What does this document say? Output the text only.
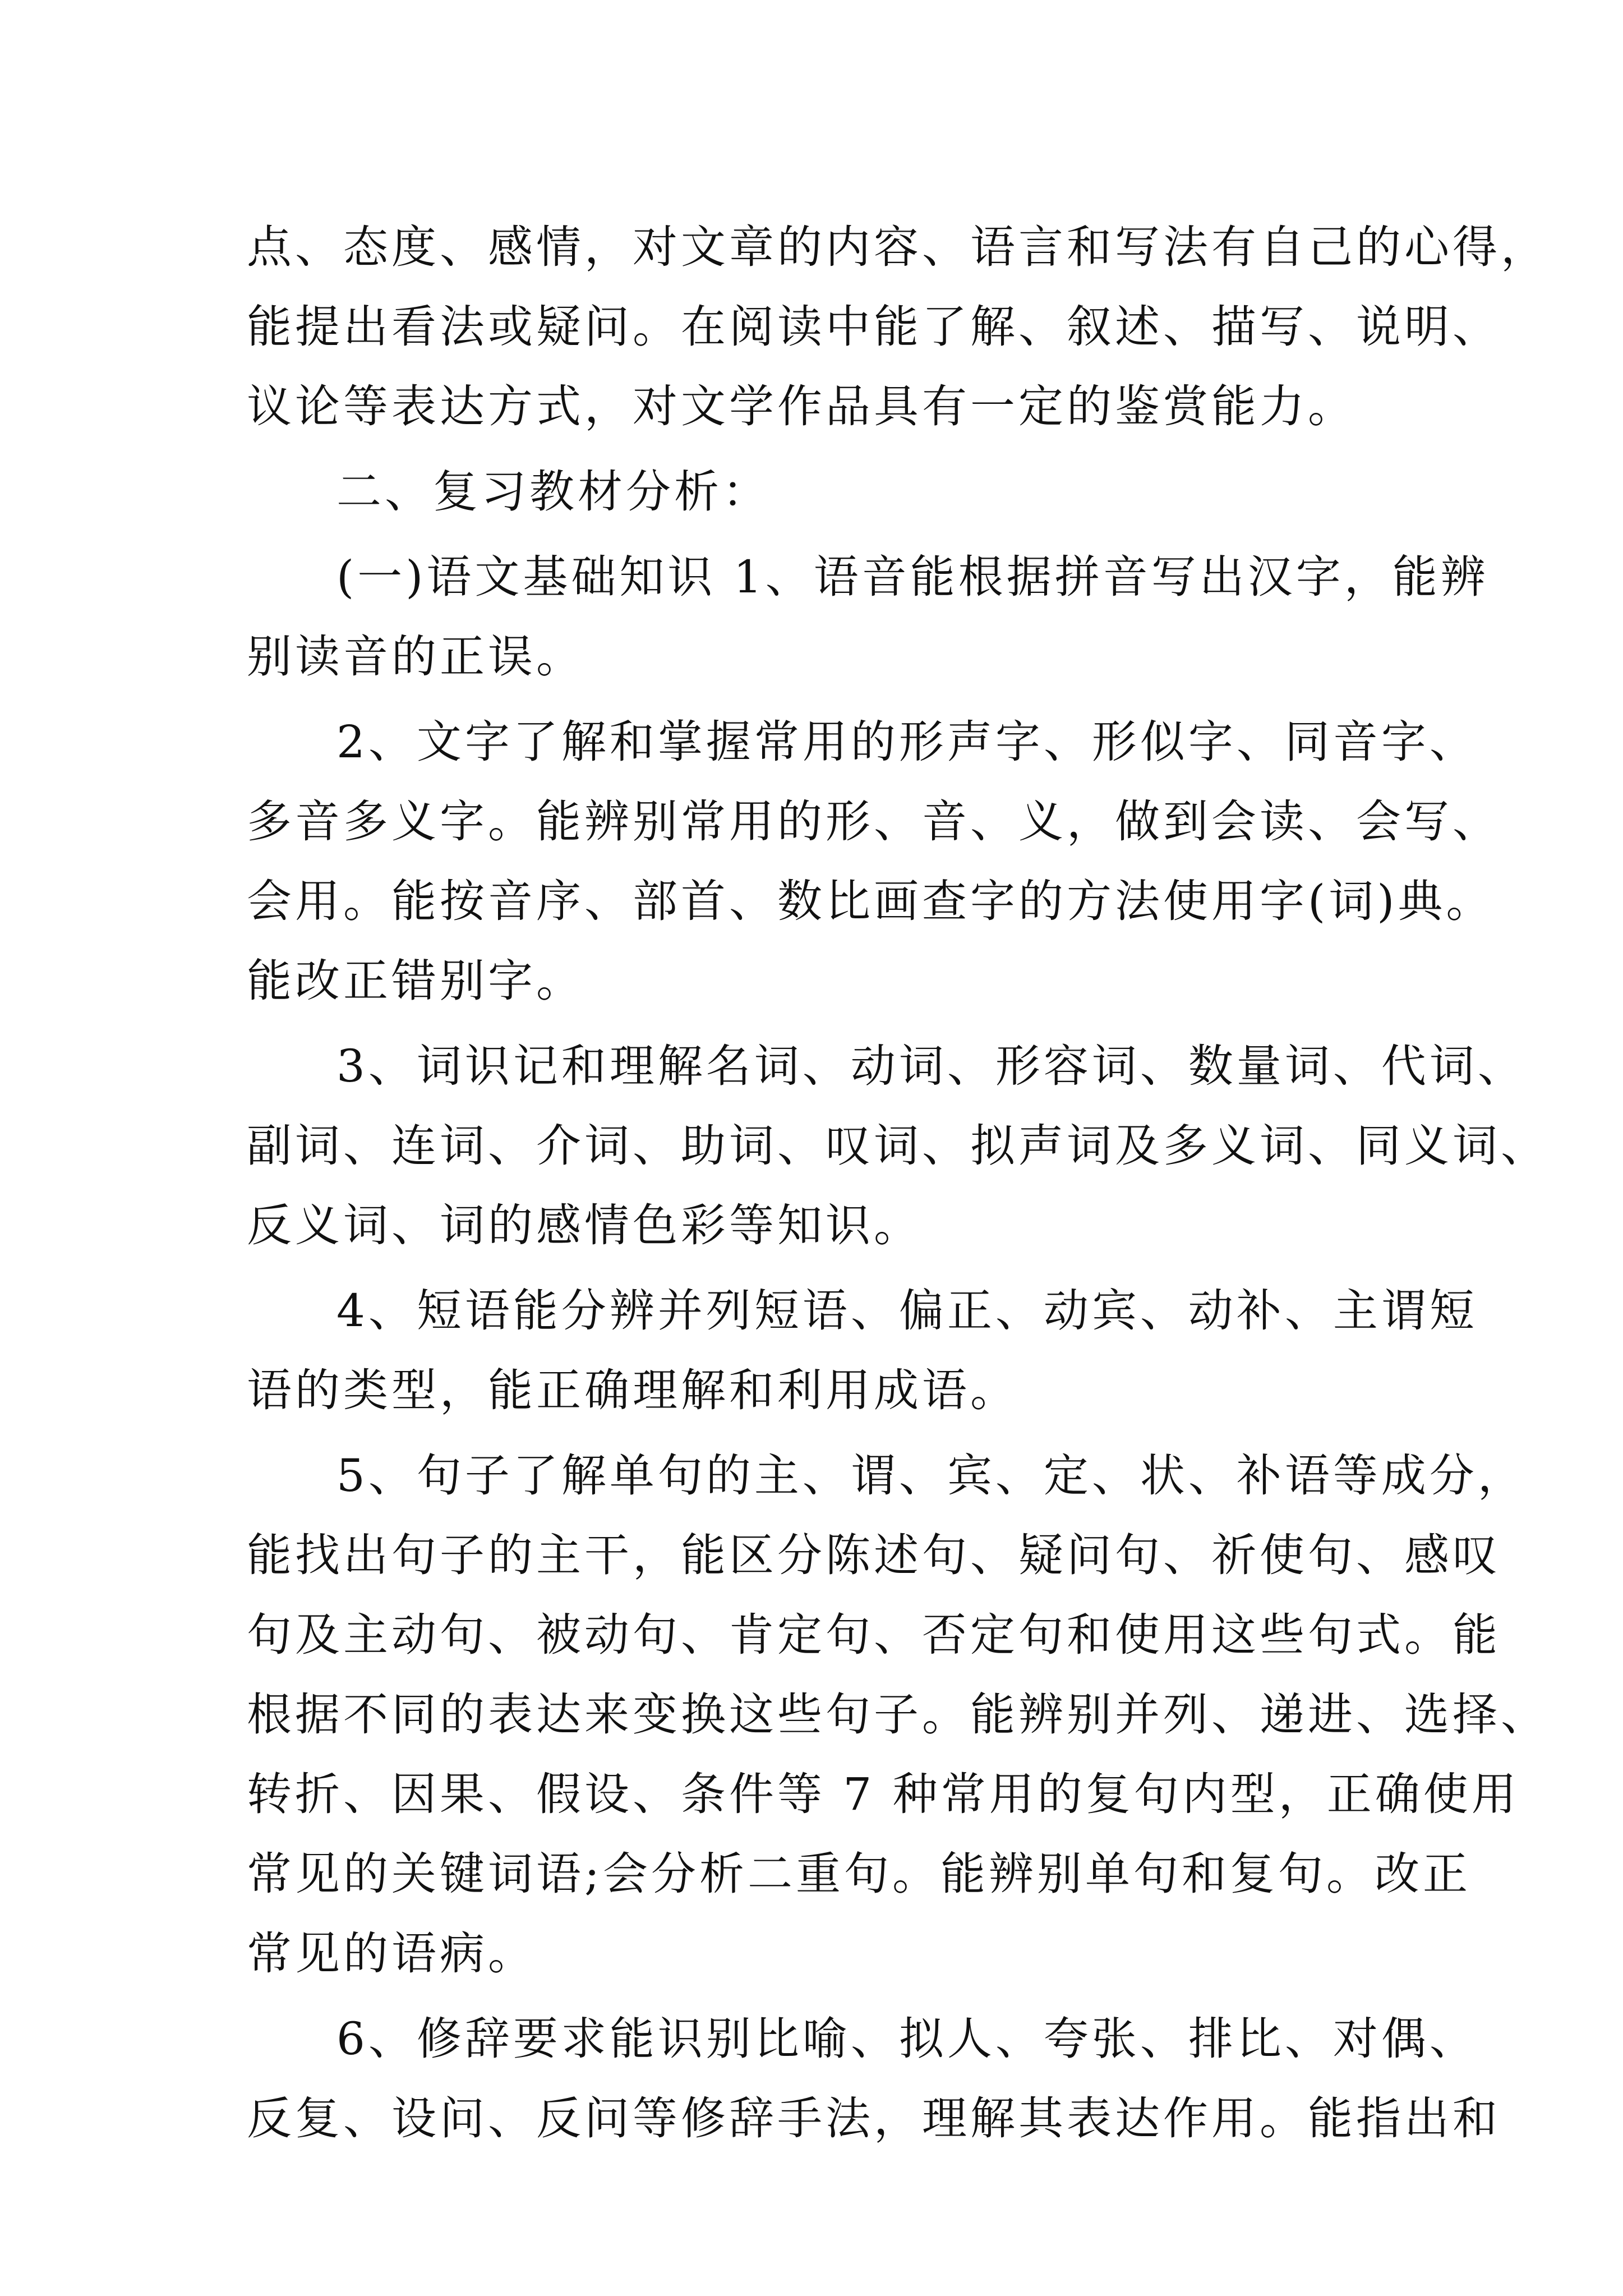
点、态度、感情，对文章的内容、语言和写法有自己的心得，
能提出看法或疑问。在阅读中能了解、叙述、描写、说明、
议论等表达方式，对文学作品具有一定的鉴赏能力。

二、复习教材分析：

(一)语文基础知识 1、语音能根据拼音写出汉字，能辨
别读音的正误。

2、文字了解和掌握常用的形声字、形似字、同音字、
多音多义字。能辨别常用的形、音、义，做到会读、会写、
会用。能按音序、部首、数比画查字的方法使用字(词)典。
能改正错别字。

3、词识记和理解名词、动词、形容词、数量词、代词、
副词、连词、介词、助词、叹词、拟声词及多义词、同义词、
反义词、词的感情色彩等知识。

4、短语能分辨并列短语、偏正、动宾、动补、主谓短
语的类型，能正确理解和利用成语。

5、句子了解单句的主、谓、宾、定、状、补语等成分，
能找出句子的主干，能区分陈述句、疑问句、祈使句、感叹
句及主动句、被动句、肯定句、否定句和使用这些句式。能
根据不同的表达来变换这些句子。能辨别并列、递进、选择、
转折、因果、假设、条件等 7 种常用的复句内型，正确使用
常见的关键词语;会分析二重句。能辨别单句和复句。改正
常见的语病。

6、修辞要求能识别比喻、拟人、夸张、排比、对偶、
反复、设问、反问等修辞手法，理解其表达作用。能指出和
